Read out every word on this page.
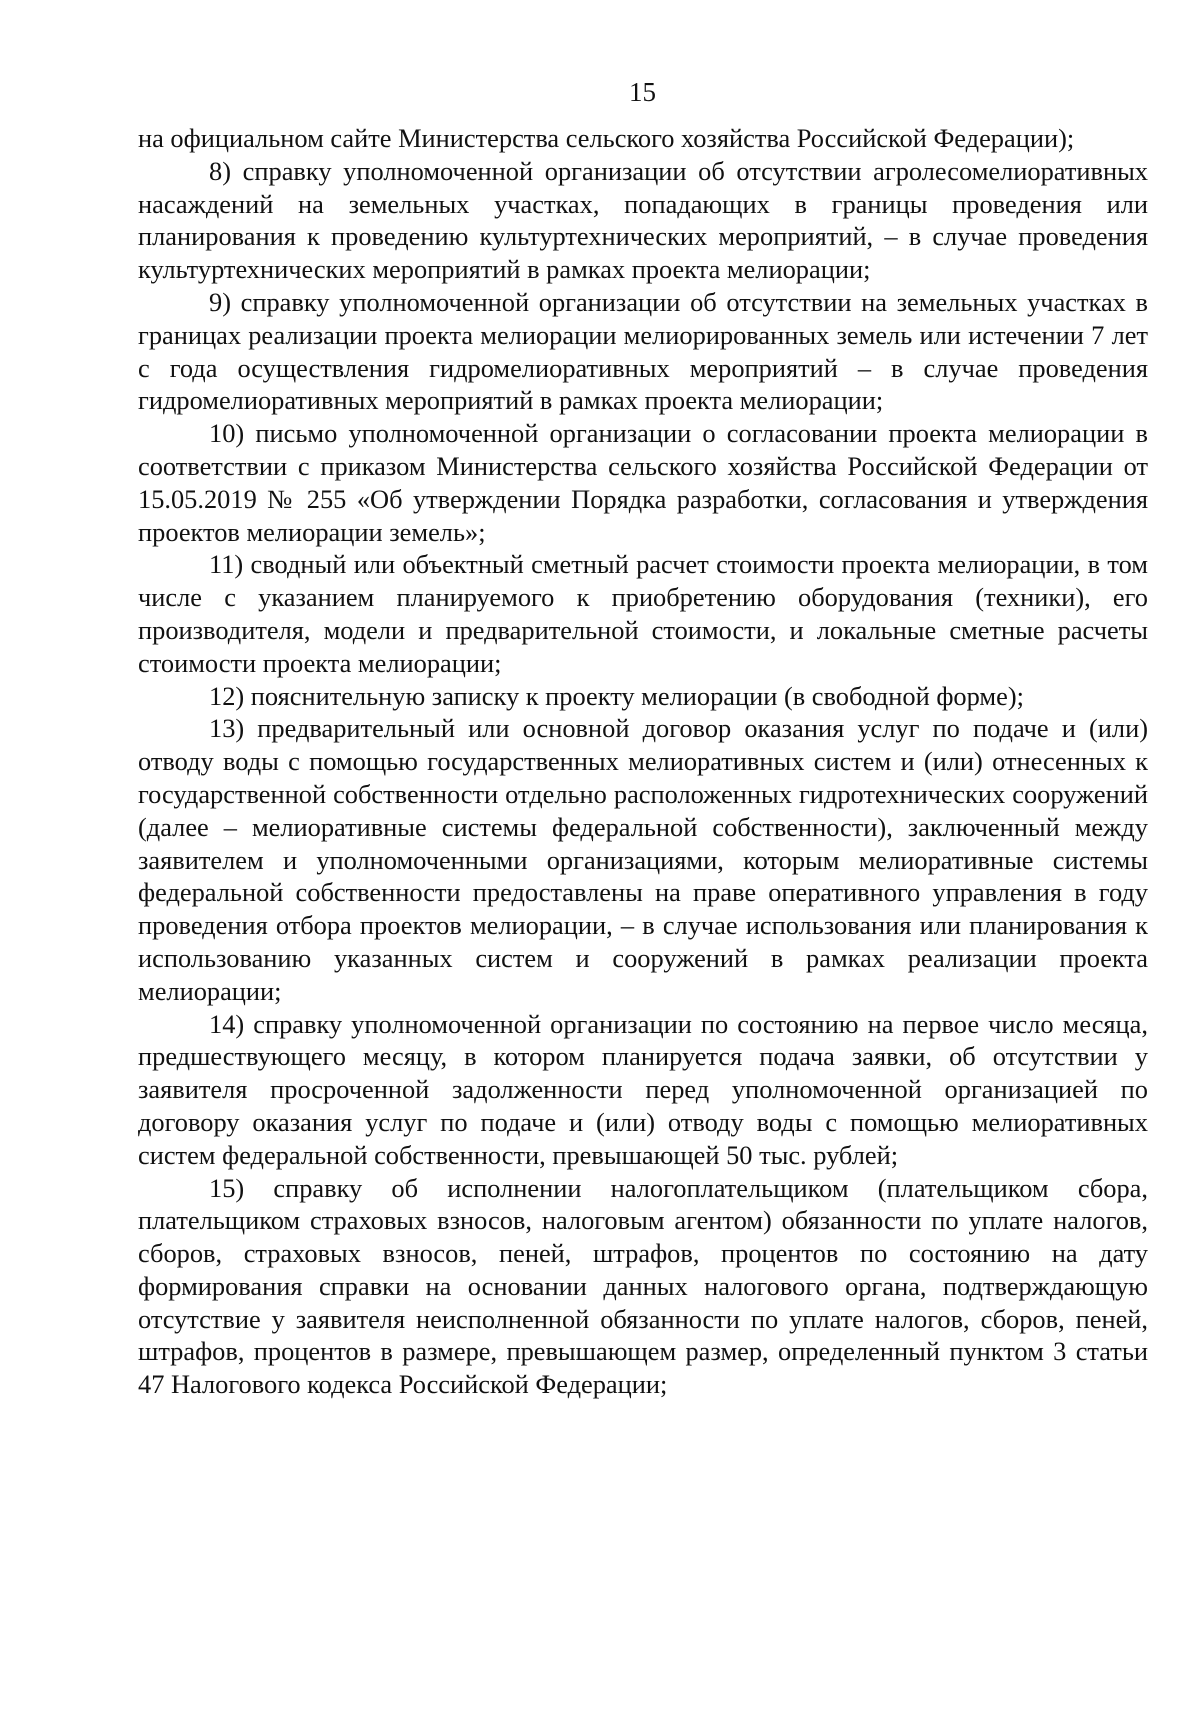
15

на официальном сайте Министерства сельского хозяйства Российской Федерации);

8) справку уполномоченной организации об отсутствии агролесомелиоративных насаждений на земельных участках, попадающих в границы проведения или планирования к проведению культуртехнических мероприятий, – в случае проведения культуртехнических мероприятий в рамках проекта мелиорации;

9) справку уполномоченной организации об отсутствии на земельных участках в границах реализации проекта мелиорации мелиорированных земель или истечении 7 лет с года осуществления гидромелиоративных мероприятий – в случае проведения гидромелиоративных мероприятий в рамках проекта мелиорации;

10) письмо уполномоченной организации о согласовании проекта мелиорации в соответствии с приказом Министерства сельского хозяйства Российской Федерации от 15.05.2019 № 255 «Об утверждении Порядка разработки, согласования и утверждения проектов мелиорации земель»;

11) сводный или объектный сметный расчет стоимости проекта мелиорации, в том числе с указанием планируемого к приобретению оборудования (техники), его производителя, модели и предварительной стоимости, и локальные сметные расчеты стоимости проекта мелиорации;

12) пояснительную записку к проекту мелиорации (в свободной форме);

13) предварительный или основной договор оказания услуг по подаче и (или) отводу воды с помощью государственных мелиоративных систем и (или) отнесенных к государственной собственности отдельно расположенных гидротехнических сооружений (далее – мелиоративные системы федеральной собственности), заключенный между заявителем и уполномоченными организациями, которым мелиоративные системы федеральной собственности предоставлены на праве оперативного управления в году проведения отбора проектов мелиорации, – в случае использования или планирования к использованию указанных систем и сооружений в рамках реализации проекта мелиорации;

14) справку уполномоченной организации по состоянию на первое число месяца, предшествующего месяцу, в котором планируется подача заявки, об отсутствии у заявителя просроченной задолженности перед уполномоченной организацией по договору оказания услуг по подаче и (или) отводу воды с помощью мелиоративных систем федеральной собственности, превышающей 50 тыс. рублей;

15) справку об исполнении налогоплательщиком (плательщиком сбора, плательщиком страховых взносов, налоговым агентом) обязанности по уплате налогов, сборов, страховых взносов, пеней, штрафов, процентов по состоянию на дату формирования справки на основании данных налогового органа, подтверждающую отсутствие у заявителя неисполненной обязанности по уплате налогов, сборов, пеней, штрафов, процентов в размере, превышающем размер, определенный пунктом 3 статьи 47 Налогового кодекса Российской Федерации;
